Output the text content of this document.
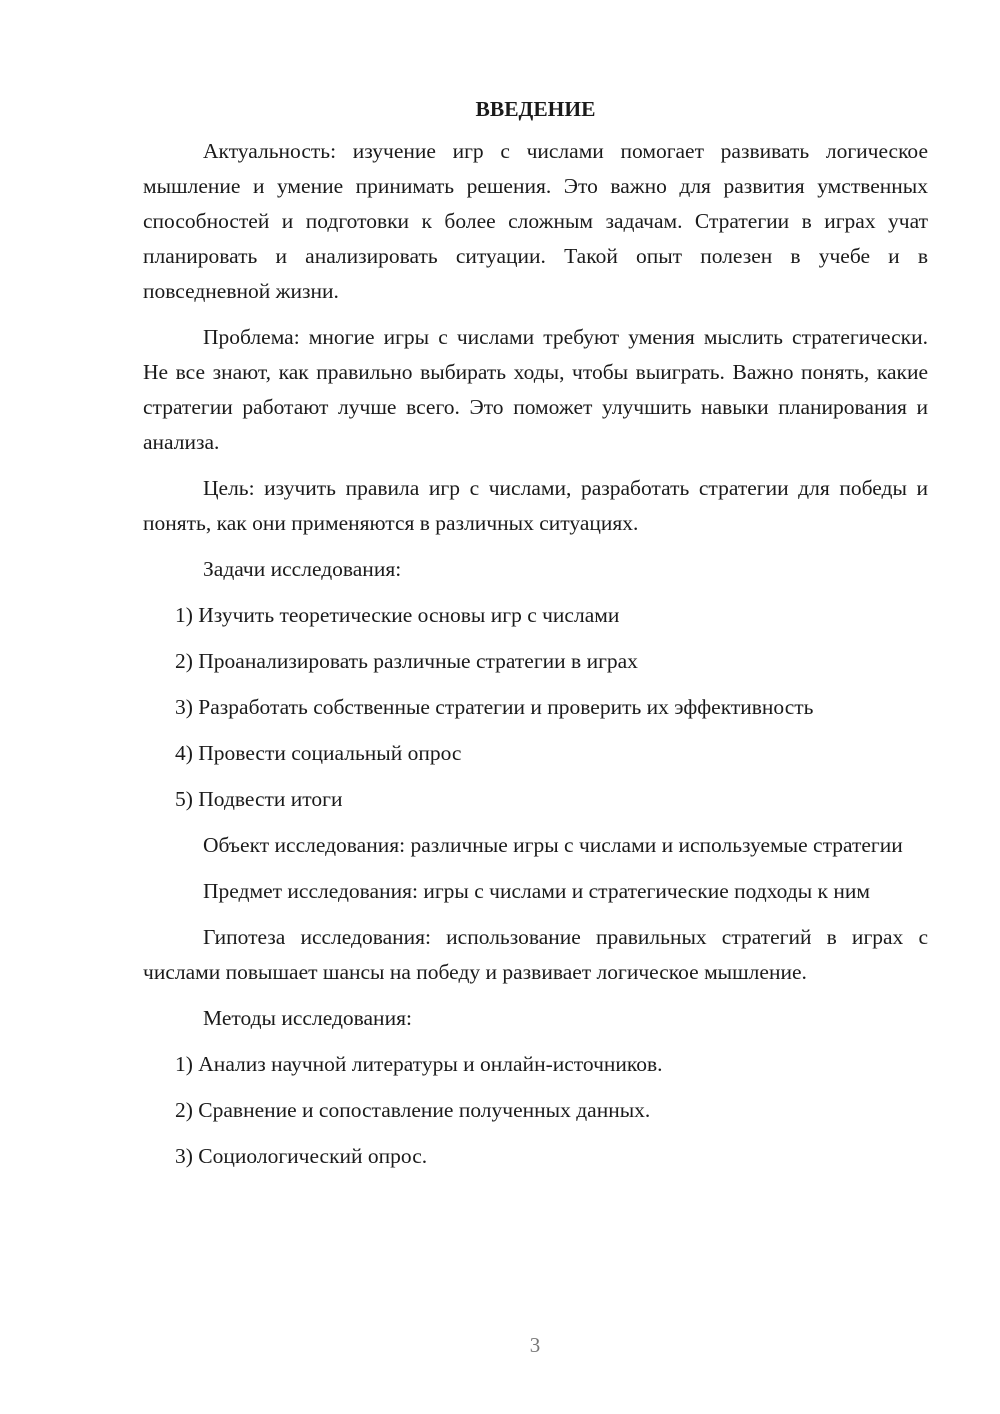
ВВЕДЕНИЕ
Актуальность: изучение игр с числами помогает развивать логическое мышление и умение принимать решения. Это важно для развития умственных способностей и подготовки к более сложным задачам. Стратегии в играх учат планировать и анализировать ситуации. Такой опыт полезен в учебе и в повседневной жизни.
Проблема: многие игры с числами требуют умения мыслить стратегически. Не все знают, как правильно выбирать ходы, чтобы выиграть. Важно понять, какие стратегии работают лучше всего. Это поможет улучшить навыки планирования и анализа.
Цель: изучить правила игр с числами, разработать стратегии для победы и понять, как они применяются в различных ситуациях.
Задачи исследования:
1) Изучить теоретические основы игр с числами
2) Проанализировать различные стратегии в играх
3) Разработать собственные стратегии и проверить их эффективность
4) Провести социальный опрос
5) Подвести итоги
Объект исследования: различные игры с числами и используемые стратегии
Предмет исследования: игры с числами и стратегические подходы к ним
Гипотеза исследования: использование правильных стратегий в играх с числами повышает шансы на победу и развивает логическое мышление.
Методы исследования:
1) Анализ научной литературы и онлайн-источников.
2) Сравнение и сопоставление полученных данных.
3) Социологический опрос.
3
